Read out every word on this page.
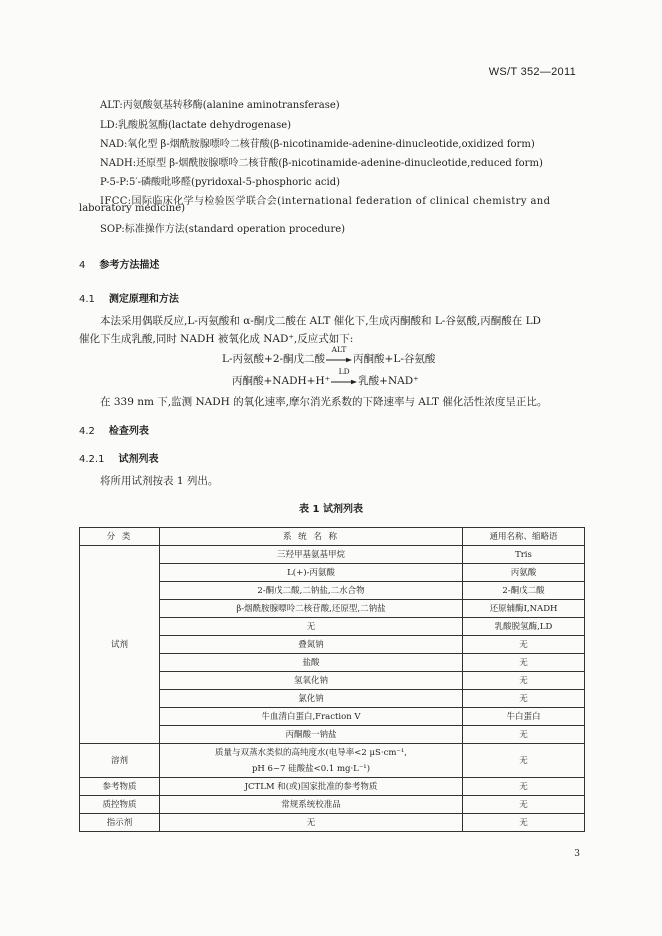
WS/T 352—2011
ALT:丙氨酸氨基转移酶(alanine aminotransferase)
LD:乳酸脱氢酶(lactate dehydrogenase)
NAD:氧化型 β-烟酰胺腺嘌呤二核苷酸(β-nicotinamide-adenine-dinucleotide,oxidized form)
NADH:还原型 β-烟酰胺腺嘌呤二核苷酸(β-nicotinamide-adenine-dinucleotide,reduced form)
P-5-P:5′-磷酸吡哆醛(pyridoxal-5-phosphoric acid)
IFCC:国际临床化学与检验医学联合会(international federation of clinical chemistry and
laboratory medicine)
SOP:标准操作方法(standard operation procedure)
4 参考方法描述
4.1 测定原理和方法
本法采用偶联反应,L-丙氨酸和 α-酮戊二酸在 ALT 催化下,生成丙酮酸和 L-谷氨酸,丙酮酸在 LD
催化下生成乳酸,同时 NADH 被氧化成 NAD⁺,反应式如下:
L-丙氨酸+2-酮戊二酸
ALT
丙酮酸+L-谷氨酸
丙酮酸+NADH+H⁺
LD
乳酸+NAD⁺
在 339 nm 下,监测 NADH 的氧化速率,摩尔消光系数的下降速率与 ALT 催化活性浓度呈正比。
4.2 检查列表
4.2.1 试剂列表
将所用试剂按表 1 列出。
表 1 试剂列表
分 类	系 统 名 称	通用名称、缩略语
试剂	三羟甲基氨基甲烷	Tris
	L(+)-丙氨酸	丙氨酸
	2-酮戊二酸,二钠盐,二水合物	2-酮戊二酸
	β-烟酰胺腺嘌呤二核苷酸,还原型,二钠盐	还原辅酶Ⅰ,NADH
	无	乳酸脱氢酶,LD
	叠氮钠	无
	盐酸	无
	氢氧化钠	无
	氯化钠	无
	牛血清白蛋白,Fraction V	牛白蛋白
	丙酮酸一钠盐	无
溶剂	质量与双蒸水类似的高纯度水(电导率<2 μS·cm⁻¹,
pH 6~7 硅酸盐<0.1 mg·L⁻¹)	无
参考物质	JCTLM 和(或)国家批准的参考物质	无
质控物质	常规系统校准品	无
指示剂	无	无
3
